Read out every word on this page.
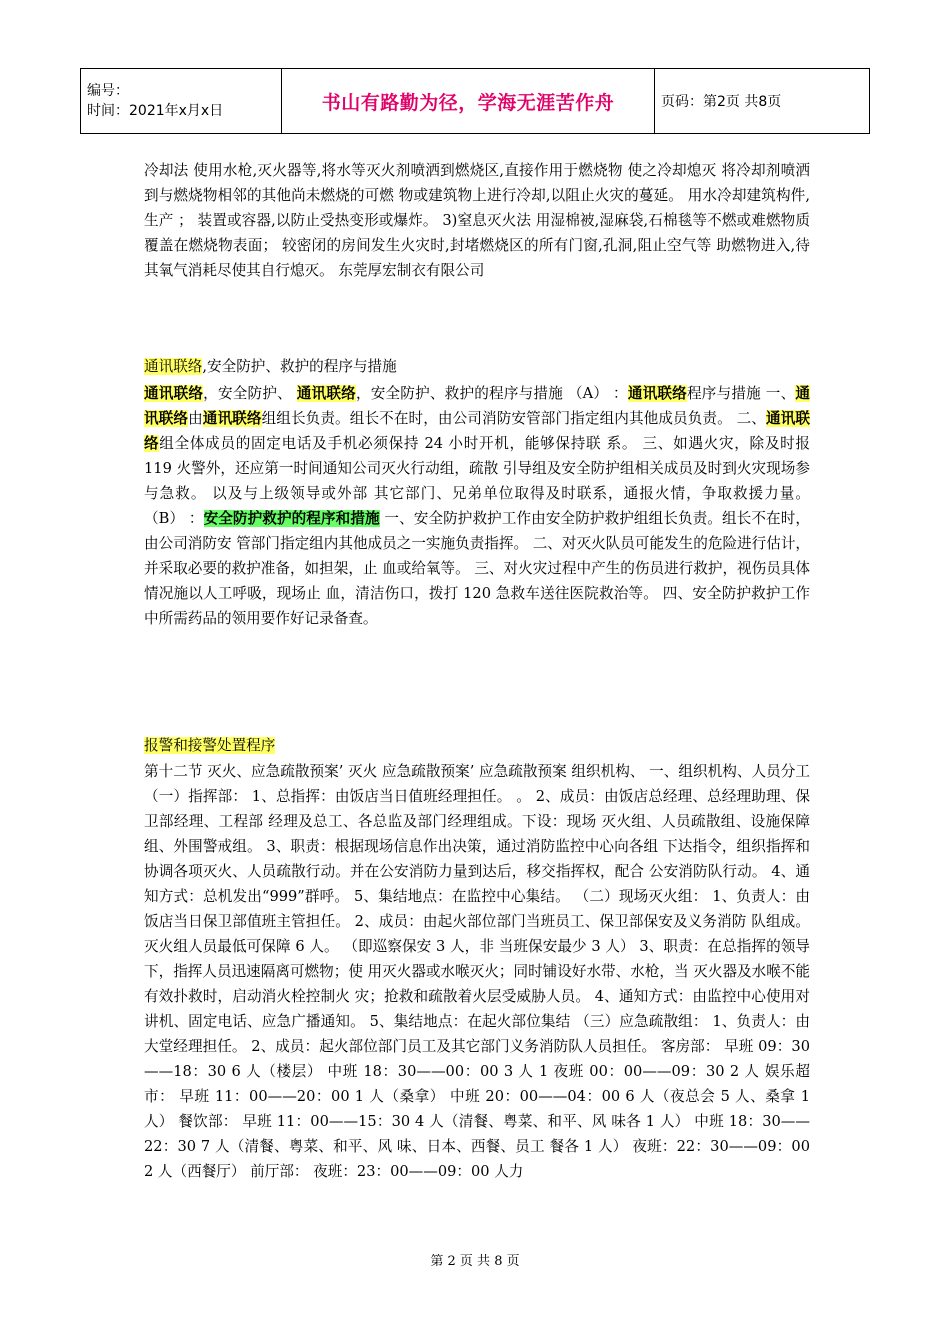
编号：
时间：2021年x月x日	书山有路勤为径，学海无涯苦作舟	页码：第2页 共8页
冷却法 使用水枪,灭火器等,将水等灭火剂喷洒到燃烧区,直接作用于燃烧物 使之冷却熄灭 将冷却剂喷洒到与燃烧物相邻的其他尚未燃烧的可燃 物或建筑物上进行冷却,以阻止火灾的蔓延。 用水冷却建筑构件,生产 ； 装置或容器,以防止受热变形或爆炸。 3)窒息灭火法 用湿棉被,湿麻袋,石棉毯等不燃或难燃物质覆盖在燃烧物表面； 较密闭的房间发生火灾时,封堵燃烧区的所有门窗,孔洞,阻止空气等 助燃物进入,待其氧气消耗尽使其自行熄灭。 东莞厚宏制衣有限公司
通讯联络,安全防护、救护的程序与措施
通讯联络，安全防护、 通讯联络，安全防护、救护的程序与措施 （A） ：通讯联络程序与措施 一、通讯联络由通讯联络组组长负责。组长不在时，由公司消防安管部门指定组内其他成员负责。 二、通讯联络组全体成员的固定电话及手机必须保持 24 小时开机，能够保持联 系。 三、如遇火灾，除及时报 119 火警外，还应第一时间通知公司灭火行动组，疏散 引导组及安全防护组相关成员及时到火灾现场参与急救。 以及与上级领导或外部 其它部门、兄弟单位取得及时联系，通报火情，争取救援力量。 （B） ：安全防护救护的程序和措施 一、安全防护救护工作由安全防护救护组组长负责。组长不在时，由公司消防安 管部门指定组内其他成员之一实施负责指挥。 二、对灭火队员可能发生的危险进行估计，并采取必要的救护准备，如担架，止 血或给氧等。 三、对火灾过程中产生的伤员进行救护，视伤员具体情况施以人工呼吸，现场止 血，清洁伤口，拨打 120 急救车送往医院救治等。 四、安全防护救护工作中所需药品的领用要作好记录备查。
报警和接警处置程序
第十二节 灭火、应急疏散预案’ 灭火 应急疏散预案’ 应急疏散预案 组织机构、 一、组织机构、人员分工 （一）指挥部： 1、总指挥：由饭店当日值班经理担任。 。 2、成员：由饭店总经理、总经理助理、保卫部经理、工程部 经理及总工、各总监及部门经理组成。下设：现场 灭火组、人员疏散组、设施保障组、外围警戒组。 3、职责：根据现场信息作出决策，通过消防监控中心向各组 下达指令，组织指挥和协调各项灭火、人员疏散行动。并在公安消防力量到达后，移交指挥权，配合 公安消防队行动。 4、通知方式：总机发出“999”群呼。 5、集结地点：在监控中心集结。 （二）现场灭火组： 1、负责人：由饭店当日保卫部值班主管担任。 2、成员：由起火部位部门当班员工、保卫部保安及义务消防 队组成。 灭火组人员最低可保障 6 人。 （即巡察保安 3 人，非 当班保安最少 3 人） 3、职责：在总指挥的领导下，指挥人员迅速隔离可燃物；使 用灭火器或水喉灭火；同时铺设好水带、水枪，当 灭火器及水喉不能有效扑救时，启动消火栓控制火 灾；抢救和疏散着火层受威胁人员。 4、通知方式：由监控中心使用对讲机、固定电话、应急广播通知。 5、集结地点：在起火部位集结 （三）应急疏散组： 1、负责人：由大堂经理担任。 2、成员：起火部位部门员工及其它部门义务消防队人员担任。 客房部： 早班 09：30——18：30 6 人（楼层） 中班 18：30——00：00 3 人 1 夜班 00：00——09：30 2 人 娱乐超市： 早班 11：00——20：00 1 人（桑拿） 中班 20：00——04：00 6 人（夜总会 5 人、桑拿 1 人） 餐饮部： 早班 11：00——15：30 4 人（清餐、粤菜、和平、风 味各 1 人） 中班 18：30——22：30 7 人（清餐、粤菜、和平、风 味、日本、西餐、员工 餐各 1 人） 夜班：22：30——09：00 2 人（西餐厅） 前厅部： 夜班：23：00——09：00 人力
第 2 页 共 8 页
